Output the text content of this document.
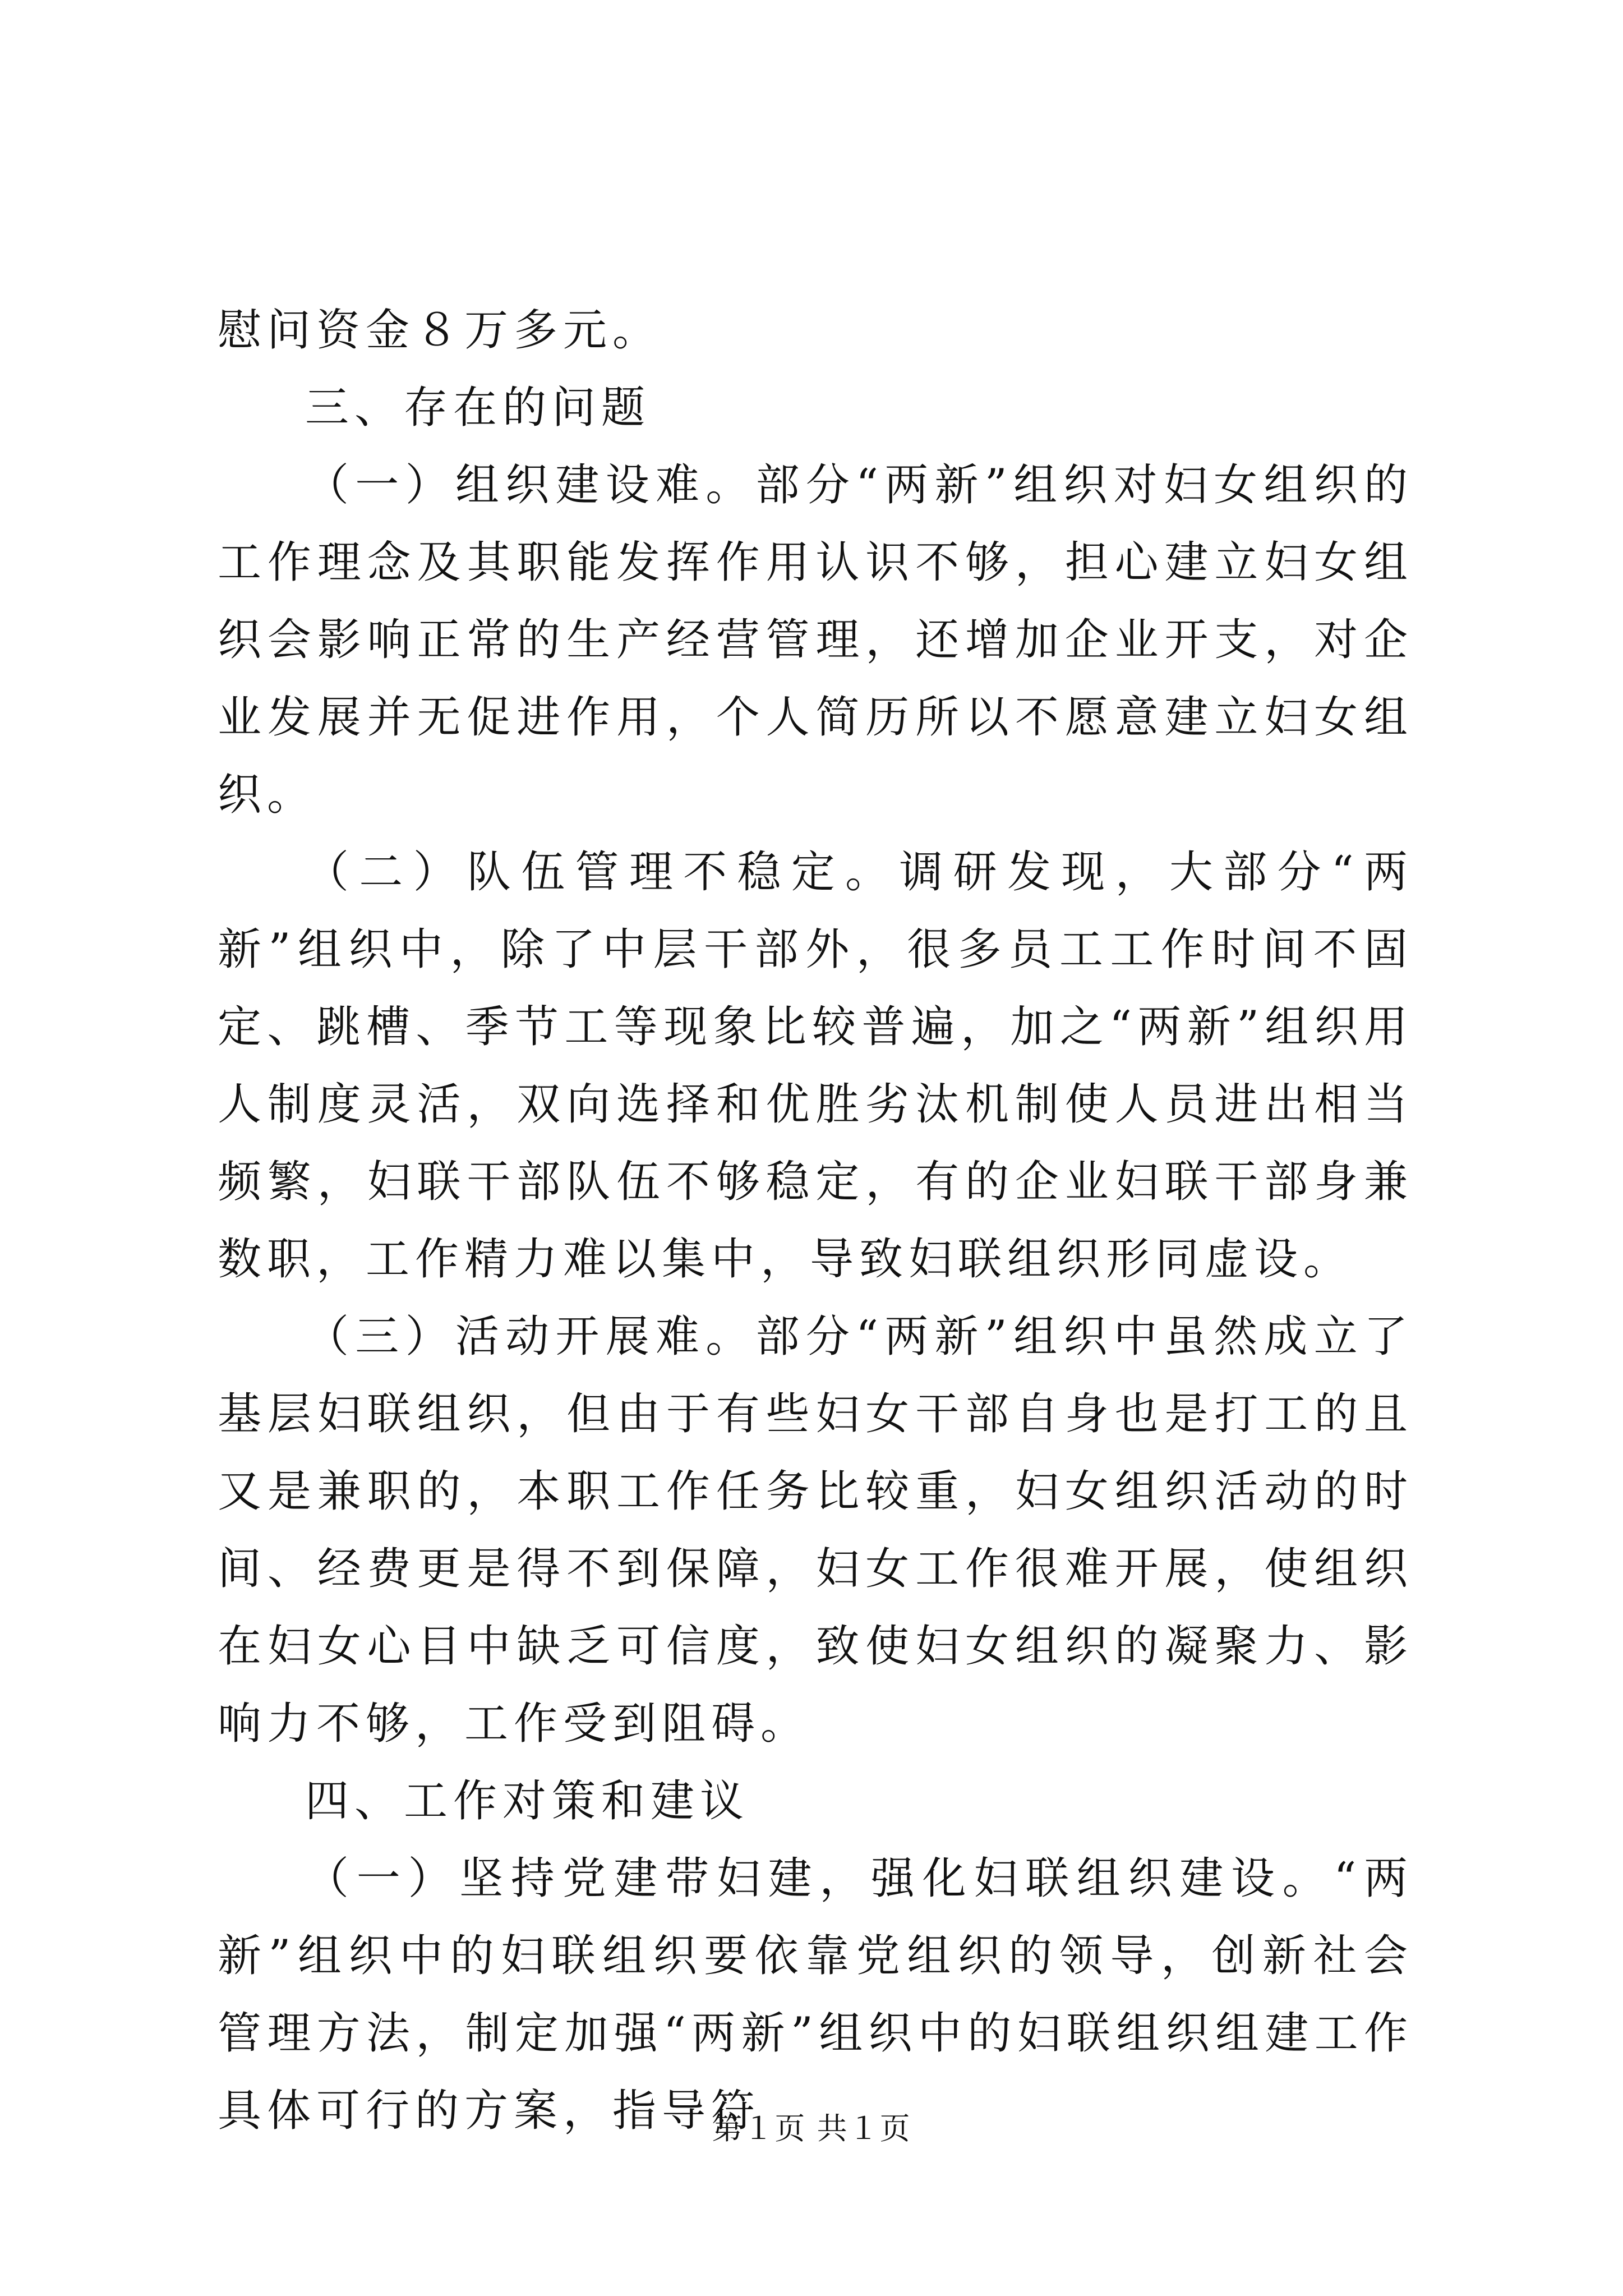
慰问资金８万多元。

三、存在的问题

（一）组织建设难。部分“两新”组织对妇女组织的工作理念及其职能发挥作用认识不够，担心建立妇女组织会影响正常的生产经营管理，还增加企业开支，对企业发展并无促进作用，个人简历所以不愿意建立妇女组织。

（二）队伍管理不稳定。调研发现，大部分“两新”组织中，除了中层干部外，很多员工工作时间不固定、跳槽、季节工等现象比较普遍，加之“两新”组织用人制度灵活，双向选择和优胜劣汰机制使人员进出相当频繁，妇联干部队伍不够稳定，有的企业妇联干部身兼数职，工作精力难以集中，导致妇联组织形同虚设。

（三）活动开展难。部分“两新”组织中虽然成立了基层妇联组织，但由于有些妇女干部自身也是打工的且又是兼职的，本职工作任务比较重，妇女组织活动的时间、经费更是得不到保障，妇女工作很难开展，使组织在妇女心目中缺乏可信度，致使妇女组织的凝聚力、影响力不够，工作受到阻碍。

四、工作对策和建议

（一）坚持党建带妇建，强化妇联组织建设。“两新”组织中的妇联组织要依靠党组织的领导，创新社会管理方法，制定加强“两新”组织中的妇联组织组建工作具体可行的方案，指导符

第１页 共１页
